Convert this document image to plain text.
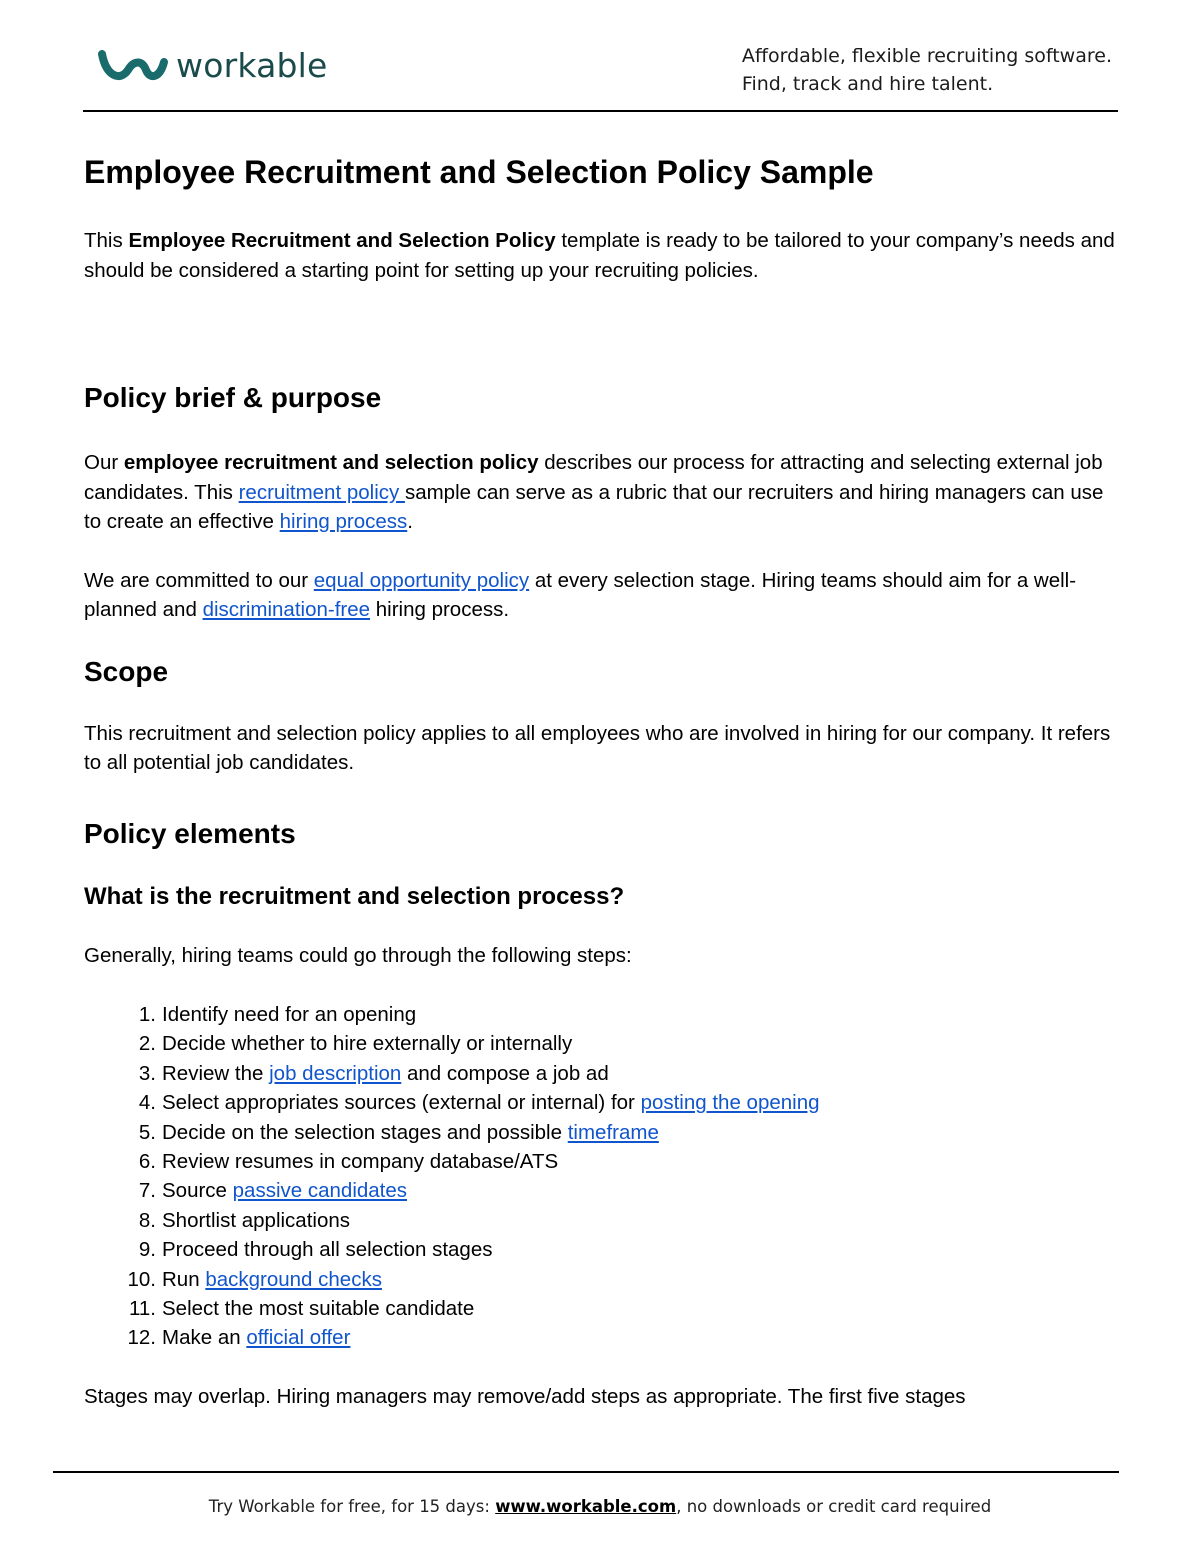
workable	Affordable, flexible recruiting software.
Find, track and hire talent.
Employee Recruitment and Selection Policy Sample

This Employee Recruitment and Selection Policy template is ready to be tailored to your company’s needs and should be considered a starting point for setting up your recruiting policies.

Policy brief & purpose

Our employee recruitment and selection policy describes our process for attracting and selecting external job candidates. This recruitment policy sample can serve as a rubric that our recruiters and hiring managers can use to create an effective hiring process.

We are committed to our equal opportunity policy at every selection stage. Hiring teams should aim for a well-planned and discrimination-free hiring process.

Scope

This recruitment and selection policy applies to all employees who are involved in hiring for our company. It refers to all potential job candidates.

Policy elements
What is the recruitment and selection process?

Generally, hiring teams could go through the following steps:

1. Identify need for an opening
2. Decide whether to hire externally or internally
3. Review the job description and compose a job ad
4. Select appropriates sources (external or internal) for posting the opening
5. Decide on the selection stages and possible timeframe
6. Review resumes in company database/ATS
7. Source passive candidates
8. Shortlist applications
9. Proceed through all selection stages
10. Run background checks
11. Select the most suitable candidate
12. Make an official offer

Stages may overlap. Hiring managers may remove/add steps as appropriate. The first five stages

Try Workable for free, for 15 days: www.workable.com, no downloads or credit card required
